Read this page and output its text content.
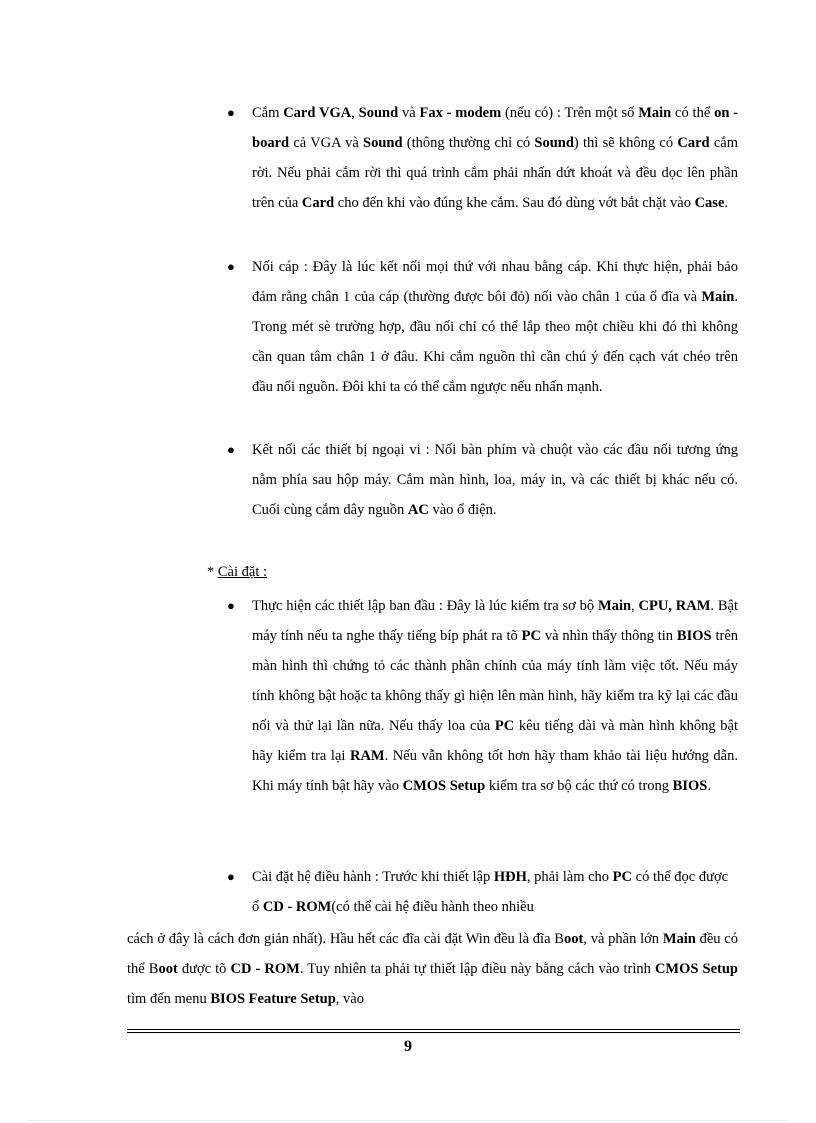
● Cắm Card VGA, Sound và Fax - modem (nếu có) : Trên một số Main có thể on - board cả VGA và Sound (thông thường chỉ có Sound) thì sẽ không có Card cắm rời. Nếu phải cắm rời thì quá trình cắm phải nhấn dứt khoát và đều dọc lên phần trên của Card cho đến khi vào đúng khe cắm. Sau đó dùng vớt bắt chặt vào Case.
● Nối cáp : Đây là lúc kết nối mọi thứ với nhau bằng cáp. Khi thực hiện, phải bảo đảm rằng chân 1 của cáp (thường được bôi đỏ) nối vào chân 1 của ổ đĩa và Main. Trong mét sè trường hợp, đầu nối chỉ có thể lắp theo một chiều khi đó thì không cần quan tâm chân 1 ở đâu. Khi cắm nguồn thì cần chú ý đến cạch vát chéo trên đầu nối nguồn. Đôi khi ta có thể cắm ngược nếu nhấn mạnh.
● Kết nối các thiết bị ngoại vi : Nối bàn phím và chuột vào các đầu nối tương ứng nằm phía sau hộp máy. Cắm màn hình, loa, máy in, và các thiết bị khác nếu có. Cuối cùng cắm dây nguồn AC vào ổ điện.
* Cài đặt :
● Thực hiện các thiết lập ban đầu : Đây là lúc kiểm tra sơ bộ Main, CPU, RAM. Bật máy tính nếu ta nghe thấy tiếng bíp phát ra tõ PC và nhìn thấy thông tin BIOS trên màn hình thì chứng tỏ các thành phần chính của máy tính làm việc tốt. Nếu máy tính không bật hoặc ta không thấy gì hiện lên màn hình, hãy kiểm tra kỹ lại các đầu nối và thử lại lần nữa. Nếu thấy loa của PC kêu tiếng dài và màn hình không bật hãy kiểm tra lại RAM. Nếu vẫn không tốt hơn hãy tham khảo tài liệu hướng dẫn. Khi máy tính bật hãy vào CMOS Setup kiểm tra sơ bộ các thứ có trong BIOS.
● Cài đặt hệ điều hành : Trước khi thiết lập HĐH, phải làm cho PC có thể đọc được ổ CD - ROM(có thể cài hệ điều hành theo nhiều
cách ở đây là cách đơn giản nhất). Hầu hết các đĩa cài đặt Win đều là đĩa Boot, và phần lớn Main đều có thể Boot được tõ CD - ROM. Tuy nhiên ta phải tự thiết lập điều này bằng cách vào trình CMOS Setup tìm đến menu BIOS Feature Setup, vào
9
